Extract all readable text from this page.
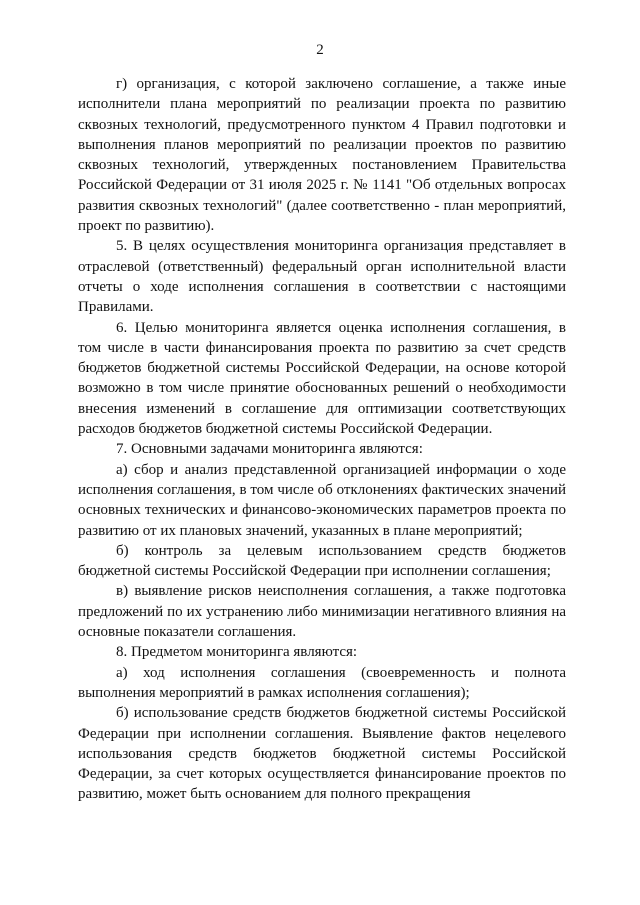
2

г) организация, с которой заключено соглашение, а также иные исполнители плана мероприятий по реализации проекта по развитию сквозных технологий, предусмотренного пунктом 4 Правил подготовки и выполнения планов мероприятий по реализации проектов по развитию сквозных технологий, утвержденных постановлением Правительства Российской Федерации от 31 июля 2025 г. № 1141 "Об отдельных вопросах развития сквозных технологий" (далее соответственно - план мероприятий, проект по развитию).

5. В целях осуществления мониторинга организация представляет в отраслевой (ответственный) федеральный орган исполнительной власти отчеты о ходе исполнения соглашения в соответствии с настоящими Правилами.

6. Целью мониторинга является оценка исполнения соглашения, в том числе в части финансирования проекта по развитию за счет средств бюджетов бюджетной системы Российской Федерации, на основе которой возможно в том числе принятие обоснованных решений о необходимости внесения изменений в соглашение для оптимизации соответствующих расходов бюджетов бюджетной системы Российской Федерации.

7. Основными задачами мониторинга являются:

а) сбор и анализ представленной организацией информации о ходе исполнения соглашения, в том числе об отклонениях фактических значений основных технических и финансово-экономических параметров проекта по развитию от их плановых значений, указанных в плане мероприятий;

б) контроль за целевым использованием средств бюджетов бюджетной системы Российской Федерации при исполнении соглашения;

в) выявление рисков неисполнения соглашения, а также подготовка предложений по их устранению либо минимизации негативного влияния на основные показатели соглашения.

8. Предметом мониторинга являются:

а) ход исполнения соглашения (своевременность и полнота выполнения мероприятий в рамках исполнения соглашения);

б) использование средств бюджетов бюджетной системы Российской Федерации при исполнении соглашения. Выявление фактов нецелевого использования средств бюджетов бюджетной системы Российской Федерации, за счет которых осуществляется финансирование проектов по развитию, может быть основанием для полного прекращения
